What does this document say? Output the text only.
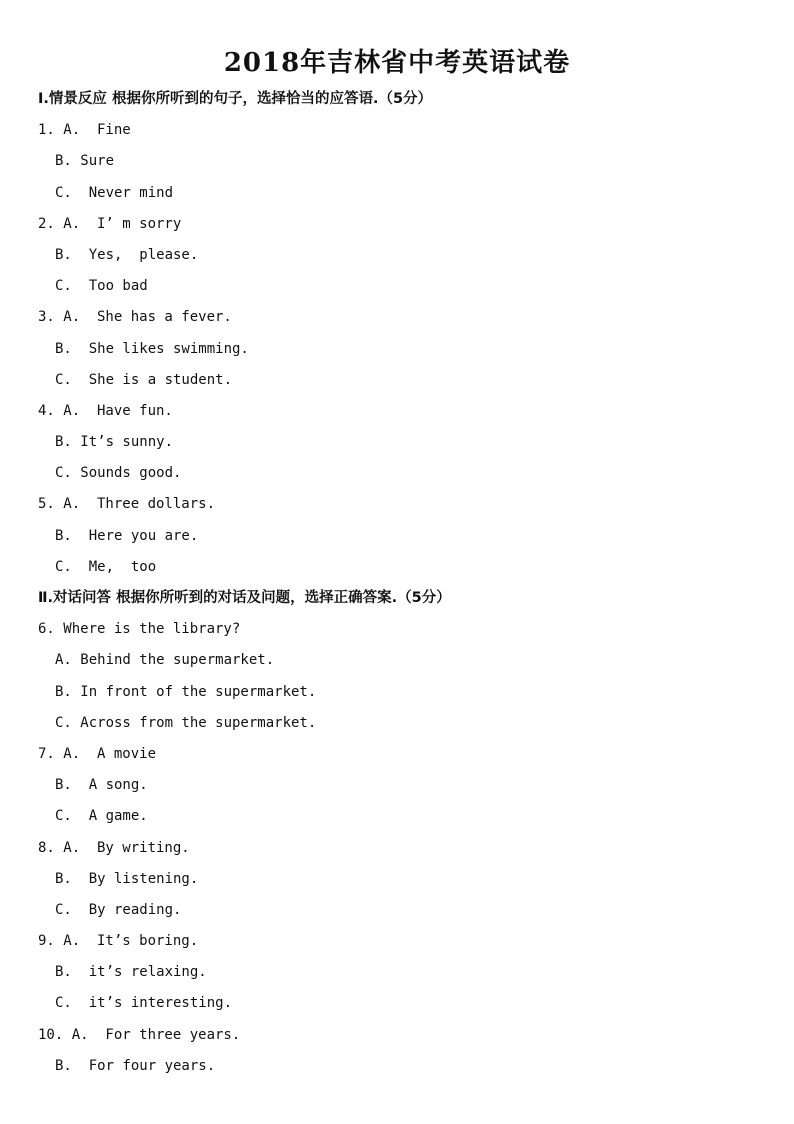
2018年吉林省中考英语试卷
Ⅰ.情景反应 根据你所听到的句子，选择恰当的应答语.（5分）
1. A.  Fine
B. Sure
C.  Never mind
2. A.  I’ m sorry
B.  Yes,  please.
C.  Too bad
3. A.  She has a fever.
B.  She likes swimming.
C.  She is a student.
4. A.  Have fun.
B. It’s sunny.
C. Sounds good.
5. A.  Three dollars.
B.  Here you are.
C.  Me,  too
Ⅱ.对话问答 根据你所听到的对话及问题，选择正确答案.（5分）
6. Where is the library?
A. Behind the supermarket.
B. In front of the supermarket.
C. Across from the supermarket.
7. A.  A movie
B.  A song.
C.  A game.
8. A.  By writing.
B.  By listening.
C.  By reading.
9. A.  It’s boring.
B.  it’s relaxing.
C.  it’s interesting.
10. A.  For three years.
B.  For four years.
